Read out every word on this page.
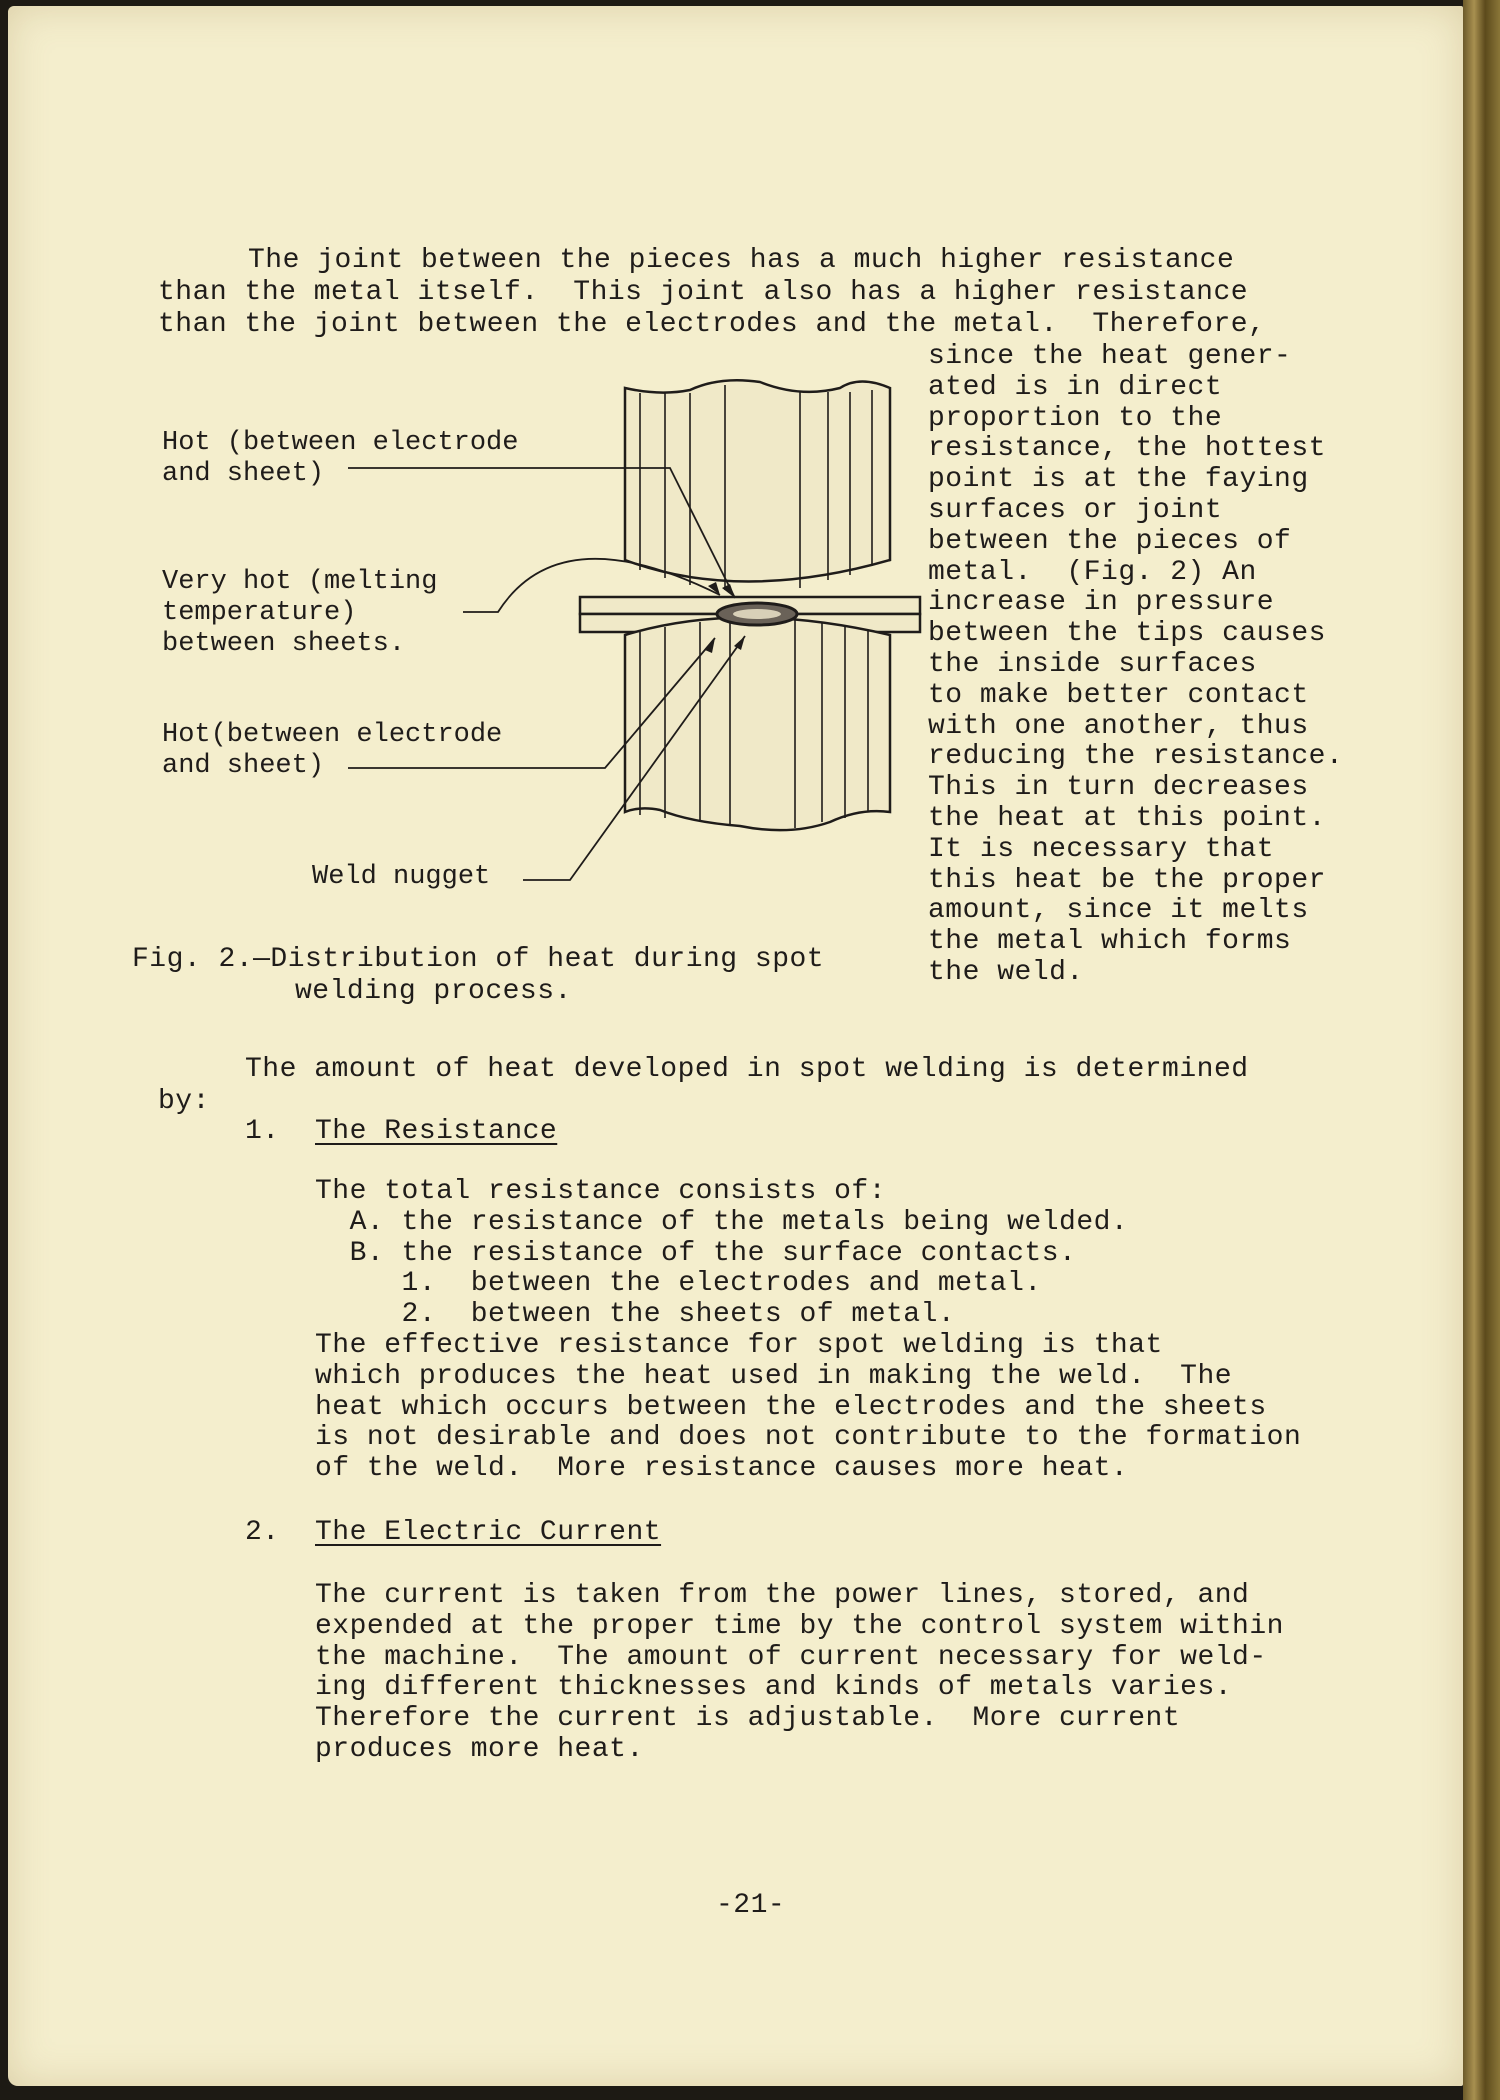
The joint between the pieces has a much higher resistance
than the metal itself.  This joint also has a higher resistance
than the joint between the electrodes and the metal.  Therefore,
since the heat gener-
ated is in direct
proportion to the
resistance, the hottest
point is at the faying
surfaces or joint
between the pieces of
metal.  (Fig. 2) An
increase in pressure
between the tips causes
the inside surfaces
to make better contact
with one another, thus
reducing the resistance.
This in turn decreases
the heat at this point.
It is necessary that
this heat be the proper
amount, since it melts
the metal which forms
the weld.
Hot (between electrode
and sheet)
Very hot (melting
temperature)
between sheets.
Hot(between electrode
and sheet)
Weld nugget
Fig. 2.—Distribution of heat during spot
welding process.
The amount of heat developed in spot welding is determined
by:
1. The Resistance
The total resistance consists of:
A. the resistance of the metals being welded.
B. the resistance of the surface contacts.
1.  between the electrodes and metal.
2.  between the sheets of metal.
The effective resistance for spot welding is that
which produces the heat used in making the weld.  The
heat which occurs between the electrodes and the sheets
is not desirable and does not contribute to the formation
of the weld.  More resistance causes more heat.
2. The Electric Current
The current is taken from the power lines, stored, and
expended at the proper time by the control system within
the machine.  The amount of current necessary for weld-
ing different thicknesses and kinds of metals varies.
Therefore the current is adjustable.  More current
produces more heat.
-21-
